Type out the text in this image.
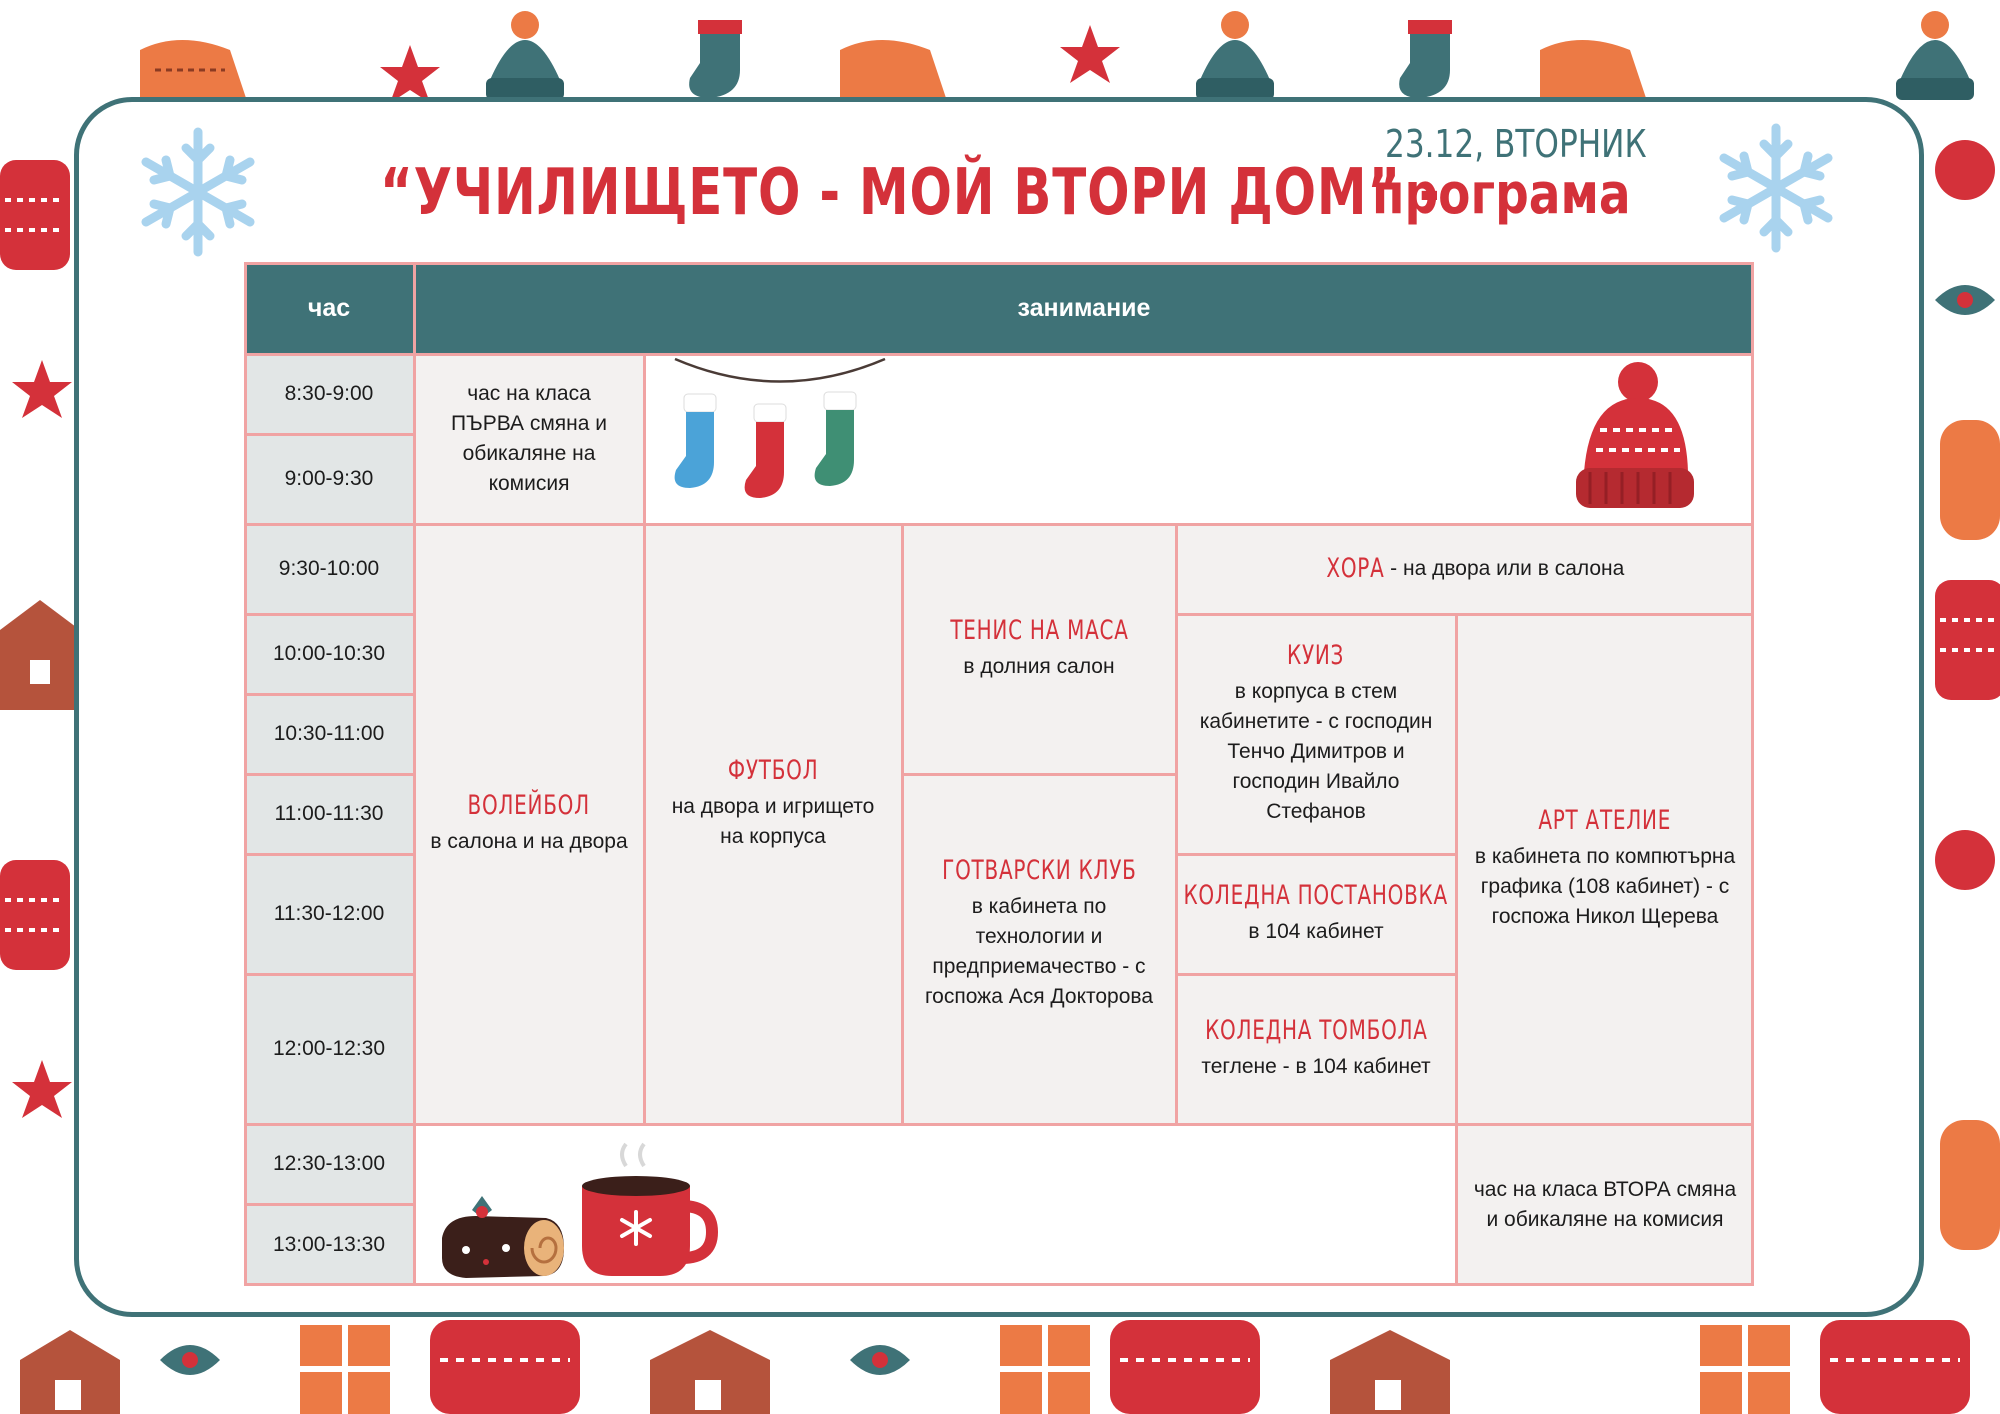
“УЧИЛИЩЕТО - МОЙ ВТОРИ ДОМ” -
23.12, ВТОРНИК
програма
час	занимание
8:30-9:00
9:00-9:30
9:30-10:00
10:00-10:30
10:30-11:00
11:00-11:30
11:30-12:00
12:00-12:30
12:30-13:00
13:00-13:30
час на класа ПЪРВА смяна и обикаляне на комисия
ВОЛЕЙБОЛ
в салона и на двора
ФУТБОЛ
на двора и игрището на корпуса
ТЕНИС НА МАСА
в долния салон
ГОТВАРСКИ КЛУБ
в кабинета по технологии и предприемачество - с госпожа Ася Докторова
ХОРА - на двора или в салона
КУИЗ
в корпуса в стем кабинетите - с господин Тенчо Димитров и господин Ивайло Стефанов
КОЛЕДНА ПОСТАНОВКА
в 104 кабинет
КОЛЕДНА ТОМБОЛА
теглене - в 104 кабинет
АРТ АТЕЛИЕ
в кабинета по компютърна графика (108 кабинет) - с госпожа Никол Щерева
час на класа ВТОРА смяна и обикаляне на комисия
